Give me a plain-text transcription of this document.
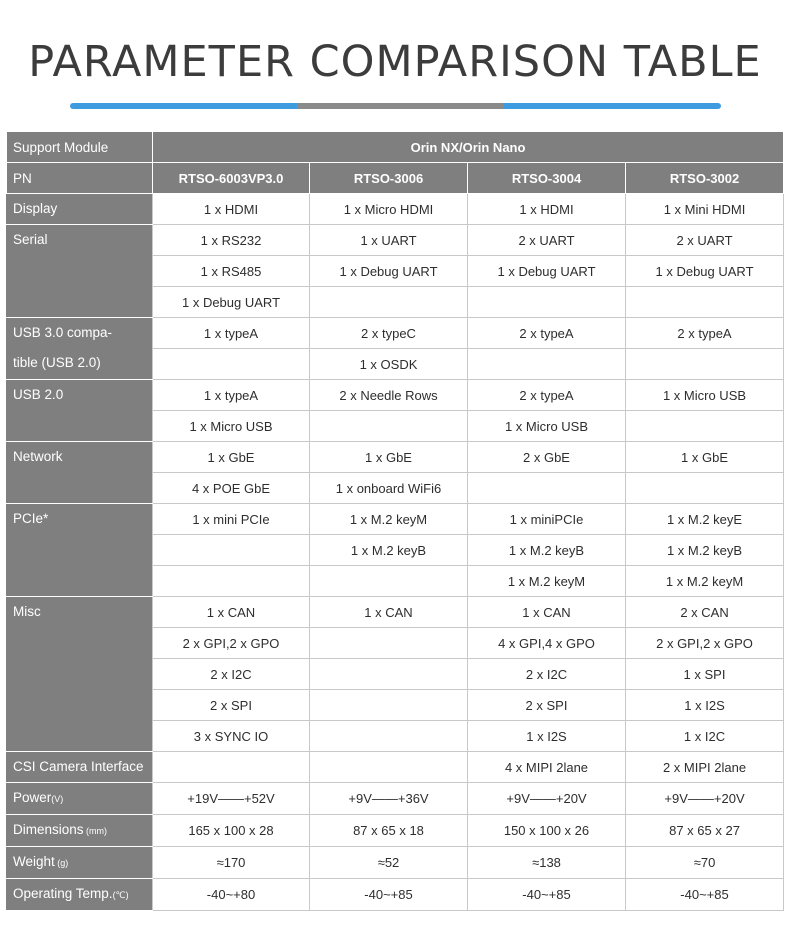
PARAMETER COMPARISON TABLE
Support Module	Orin NX/Orin Nano			
PN	RTSO-6003VP3.0	RTSO-3006	RTSO-3004	RTSO-3002

Display	1 x HDMI	1 x Micro HDMI	1 x HDMI	1 x Mini HDMI

Serial	1 x RS232	1 x UART	2 x UART	2 x UART
	1 x RS485	1 x Debug UART	1 x Debug UART	1 x Debug UART
	1 x Debug UART			

USB 3.0 compa-
tible (USB 2.0)	1 x typeA	2 x typeC	2 x typeA	2 x typeA
		1 x OSDK		

USB 2.0	1 x typeA	2 x Needle Rows	2 x typeA	1 x Micro USB
	1 x Micro USB		1 x Micro USB	

Network	1 x GbE	1 x GbE	2 x GbE	1 x GbE
	4 x POE GbE	1 x onboard WiFi6		

PCIe*	1 x mini PCIe	1 x M.2 keyM	1 x miniPCIe	1 x M.2 keyE
		1 x M.2 keyB	1 x M.2 keyB	1 x M.2 keyB
			1 x M.2 keyM	1 x M.2 keyM

Misc	1 x CAN	1 x CAN	1 x CAN	2 x CAN
	2 x GPI,2 x GPO		4 x GPI,4 x GPO	2 x GPI,2 x GPO
	2 x I2C		2 x I2C	1 x SPI
	2 x SPI		2 x SPI	1 x I2S
	3 x SYNC IO		1 x I2S	1 x I2C

CSI Camera Interface			4 x MIPI 2lane	2 x MIPI 2lane

Power(V)	+19V——+52V	+9V——+36V	+9V——+20V	+9V——+20V

Dimensions (mm)	165 x 100 x 28	87 x 65 x 18	150 x 100 x 26	87 x 65 x 27

Weight (g)	≈170	≈52	≈138	≈70

Operating Temp.(℃)	-40~+80	-40~+85	-40~+85	-40~+85
